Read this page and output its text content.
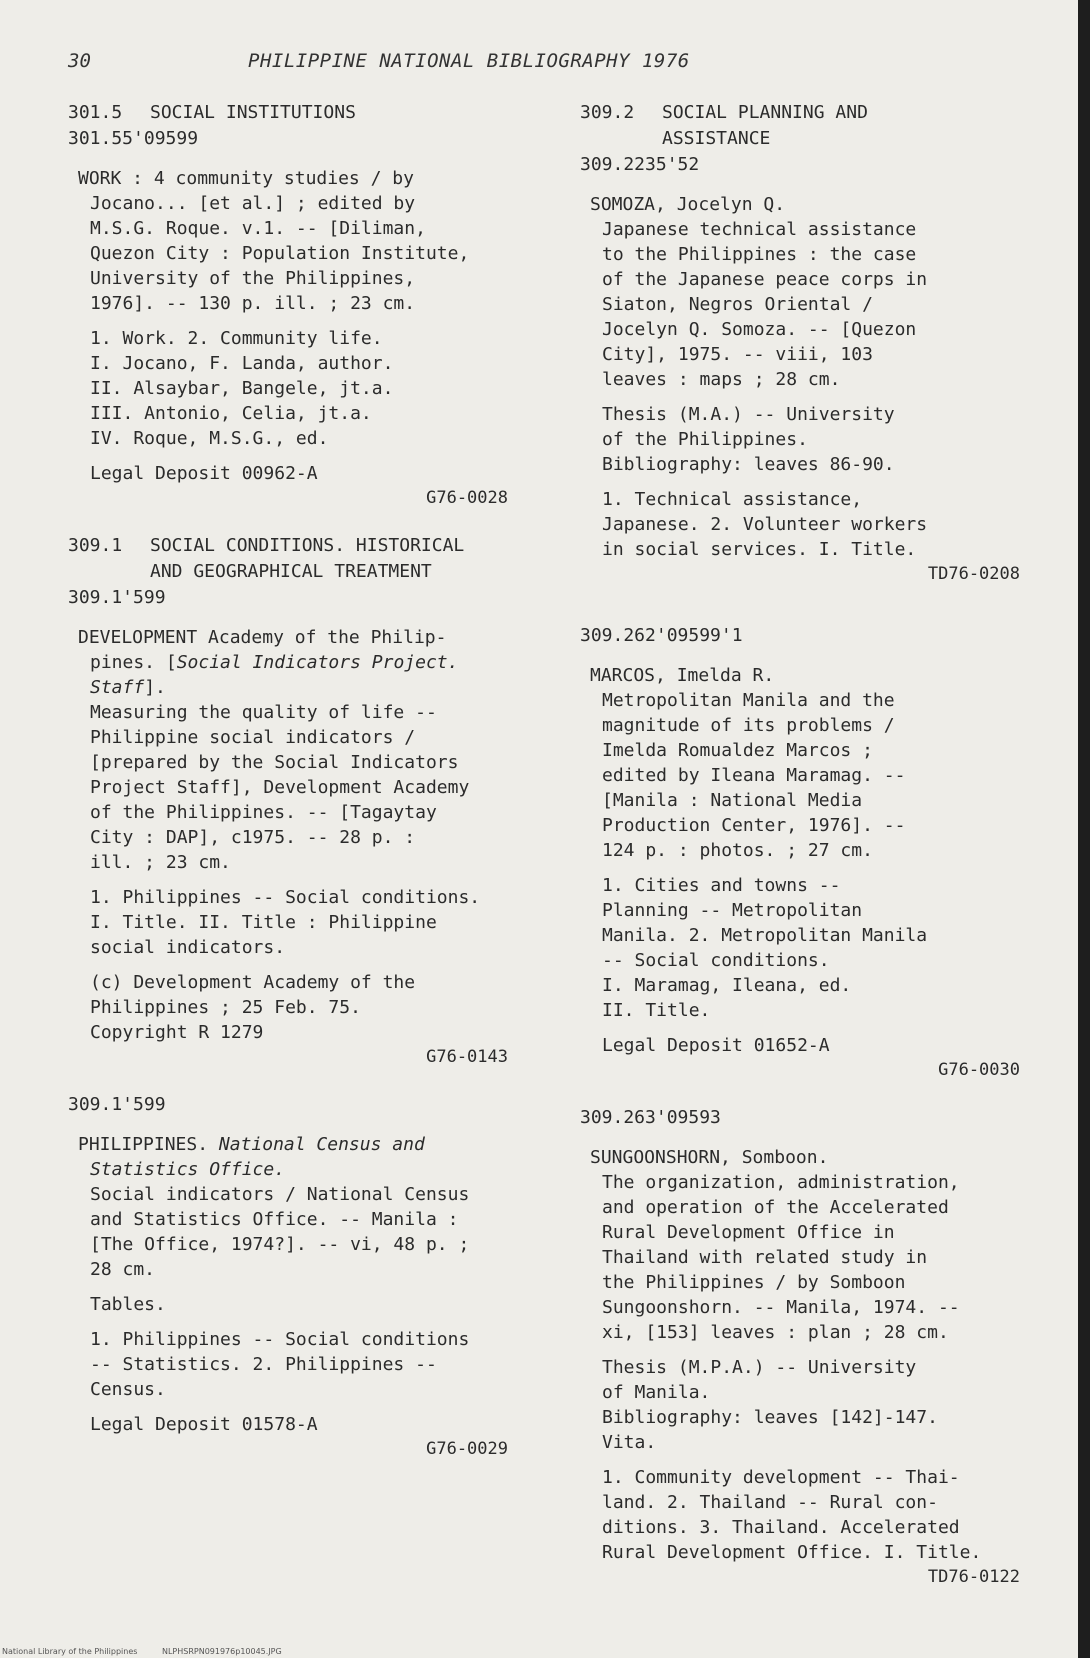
30	PHILIPPINE NATIONAL BIBLIOGRAPHY 1976
301.5 SOCIAL INSTITUTIONS
301.55'09599

WORK : 4 community studies / by

Jocano... [et al.] ; edited by

M.S.G. Roque. v.1. -- [Diliman,

Quezon City : Population Institute,

University of the Philippines,

1976]. -- 130 p. ill. ; 23 cm.

1. Work. 2. Community life.

I. Jocano, F. Landa, author.

II. Alsaybar, Bangele, jt.a.

III. Antonio, Celia, jt.a.

IV. Roque, M.S.G., ed.

Legal Deposit 00962-A

G76-0028

309.1 SOCIAL CONDITIONS. HISTORICAL
AND GEOGRAPHICAL TREATMENT
309.1'599

DEVELOPMENT Academy of the Philip-

pines. [Social Indicators Project.

Staff].

Measuring the quality of life --

Philippine social indicators /

[prepared by the Social Indicators

Project Staff], Development Academy

of the Philippines. -- [Tagaytay

City : DAP], c1975. -- 28 p. :

ill. ; 23 cm.

1. Philippines -- Social conditions.

I. Title. II. Title : Philippine

social indicators.

(c) Development Academy of the

Philippines ; 25 Feb. 75.

Copyright R 1279

G76-0143

309.1'599

PHILIPPINES. National Census and

Statistics Office.

Social indicators / National Census

and Statistics Office. -- Manila :

[The Office, 1974?]. -- vi, 48 p. ;

28 cm.

Tables.

1. Philippines -- Social conditions

-- Statistics. 2. Philippines --

Census.

Legal Deposit 01578-A

G76-0029

309.2 SOCIAL PLANNING AND
ASSISTANCE
309.2235'52

SOMOZA, Jocelyn Q.

Japanese technical assistance

to the Philippines : the case

of the Japanese peace corps in

Siaton, Negros Oriental /

Jocelyn Q. Somoza. -- [Quezon

City], 1975. -- viii, 103

leaves : maps ; 28 cm.

Thesis (M.A.) -- University

of the Philippines.

Bibliography: leaves 86-90.

1. Technical assistance,

Japanese. 2. Volunteer workers

in social services. I. Title.

TD76-0208

309.262'09599'1

MARCOS, Imelda R.

Metropolitan Manila and the

magnitude of its problems /

Imelda Romualdez Marcos ;

edited by Ileana Maramag. --

[Manila : National Media

Production Center, 1976]. --

124 p. : photos. ; 27 cm.

1. Cities and towns --

Planning -- Metropolitan

Manila. 2. Metropolitan Manila

-- Social conditions.

I. Maramag, Ileana, ed.

II. Title.

Legal Deposit 01652-A

G76-0030

309.263'09593

SUNGOONSHORN, Somboon.

The organization, administration,

and operation of the Accelerated

Rural Development Office in

Thailand with related study in

the Philippines / by Somboon

Sungoonshorn. -- Manila, 1974. --

xi, [153] leaves : plan ; 28 cm.

Thesis (M.P.A.) -- University

of Manila.

Bibliography: leaves [142]-147.

Vita.

1. Community development -- Thai-

land. 2. Thailand -- Rural con-

ditions. 3. Thailand. Accelerated

Rural Development Office. I. Title.

TD76-0122

National Library of the Philippines	NLPHSRPN091976p10045.JPG
